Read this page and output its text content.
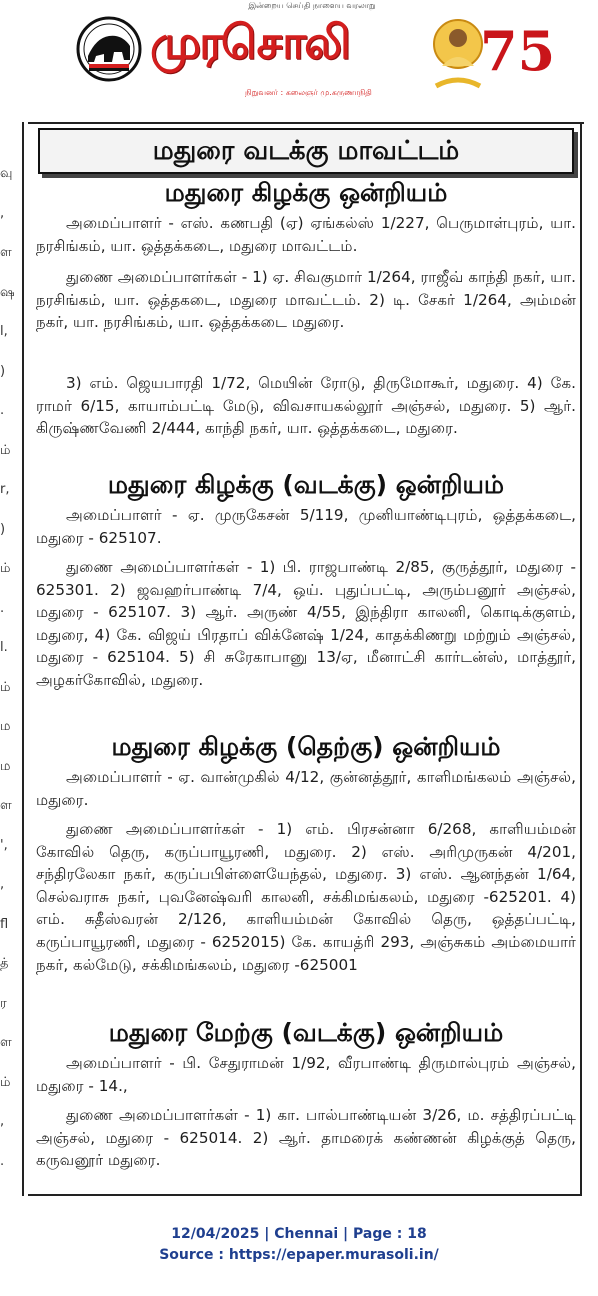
இன்றைய செய்தி நாளைய வரலாறு
முரசொலி
நிறுவனர் : கலைஞர் மு.கருணாநிதி
75
வு
,
ள
ஷ
l,
)
.
ம்
r,
)
ம்
.
l.
ம்
ம
ம
ள
',
,
fl
த்
ர
ள
ம்
,
.
மதுரை வடக்கு மாவட்டம்
மதுரை கிழக்கு ஒன்றியம்

அமைப்பாளர் - எஸ். கணபதி (ஏ) ஏங்கல்ஸ் 1/227, பெருமாள்புரம், யா. நரசிங்கம், யா. ஒத்தக்கடை, மதுரை மாவட்டம்.

துணை அமைப்பாளர்கள் - 1) ஏ. சிவகுமார் 1/264, ராஜீவ் காந்தி நகர், யா. நரசிங்கம், யா. ஒத்தகடை, மதுரை மாவட்டம். 2) டி. சேகர் 1/264, அம்மன் நகர், யா. நரசிங்கம், யா. ஒத்தக்கடை மதுரை.

3) எம். ஜெயபாரதி 1/72, மெயின் ரோடு, திருமோகூர், மதுரை. 4) கே. ராமர் 6/15, காயாம்பட்டி மேடு, விவசாயகல்லூர் அஞ்சல், மதுரை. 5) ஆர். கிருஷ்ணவேணி 2/444, காந்தி நகர், யா. ஒத்தக்கடை, மதுரை.

மதுரை கிழக்கு (வடக்கு) ஒன்றியம்

அமைப்பாளர் - ஏ. முருகேசன் 5/119, முனியாண்டிபுரம், ஒத்தக்கடை, மதுரை - 625107.

துணை அமைப்பாளர்கள் - 1) பி. ராஜபாண்டி 2/85, குருத்தூர், மதுரை - 625301. 2) ஜவஹர்பாண்டி 7/4, ஒய். புதுப்பட்டி, அரும்பனூர் அஞ்சல், மதுரை - 625107. 3) ஆர். அருண் 4/55, இந்திரா காலனி, கொடிக்குளம், மதுரை, 4) கே. விஜய் பிரதாப் விக்னேஷ் 1/24, காதக்கிணறு மற்றும் அஞ்சல், மதுரை - 625104. 5) சி சுரேகாபானு 13/ஏ, மீனாட்சி கார்டன்ஸ், மாத்தூர், அழகர்கோவில், மதுரை.

மதுரை கிழக்கு (தெற்கு) ஒன்றியம்

அமைப்பாளர் - ஏ. வான்முகில் 4/12, குன்னத்தூர், காளிமங்கலம் அஞ்சல், மதுரை.

துணை அமைப்பாளர்கள் - 1) எம். பிரசன்னா 6/268, காளியம்மன் கோவில் தெரு, கருப்பாயூரணி, மதுரை. 2) எஸ். அரிமுருகன் 4/201, சந்திரலேகா நகர், கருப்பபிள்ளையேந்தல், மதுரை. 3) எஸ். ஆனந்தன் 1/64, செல்வராசு நகர், புவனேஷ்வரி காலனி, சக்கிமங்கலம், மதுரை -625201. 4) எம். சுதீஸ்வரன் 2/126, காளியம்மன் கோவில் தெரு, ஒத்தப்பட்டி, கருப்பாயூரணி, மதுரை - 6252015) கே. காயத்ரி 293, அஞ்சுகம் அம்மையார் நகர், கல்மேடு, சக்கிமங்கலம், மதுரை -625001

மதுரை மேற்கு (வடக்கு) ஒன்றியம்

அமைப்பாளர் - பி. சேதுராமன் 1/92, வீரபாண்டி திருமால்புரம் அஞ்சல், மதுரை - 14.,

துணை அமைப்பாளர்கள் - 1) கா. பால்பாண்டியன் 3/26, ம. சத்திரப்பட்டி அஞ்சல், மதுரை - 625014. 2) ஆர். தாமரைக் கண்ணன் கிழக்குத் தெரு, கருவனூர் மதுரை.

12/04/2025 | Chennai | Page : 18
Source : https://epaper.murasoli.in/
